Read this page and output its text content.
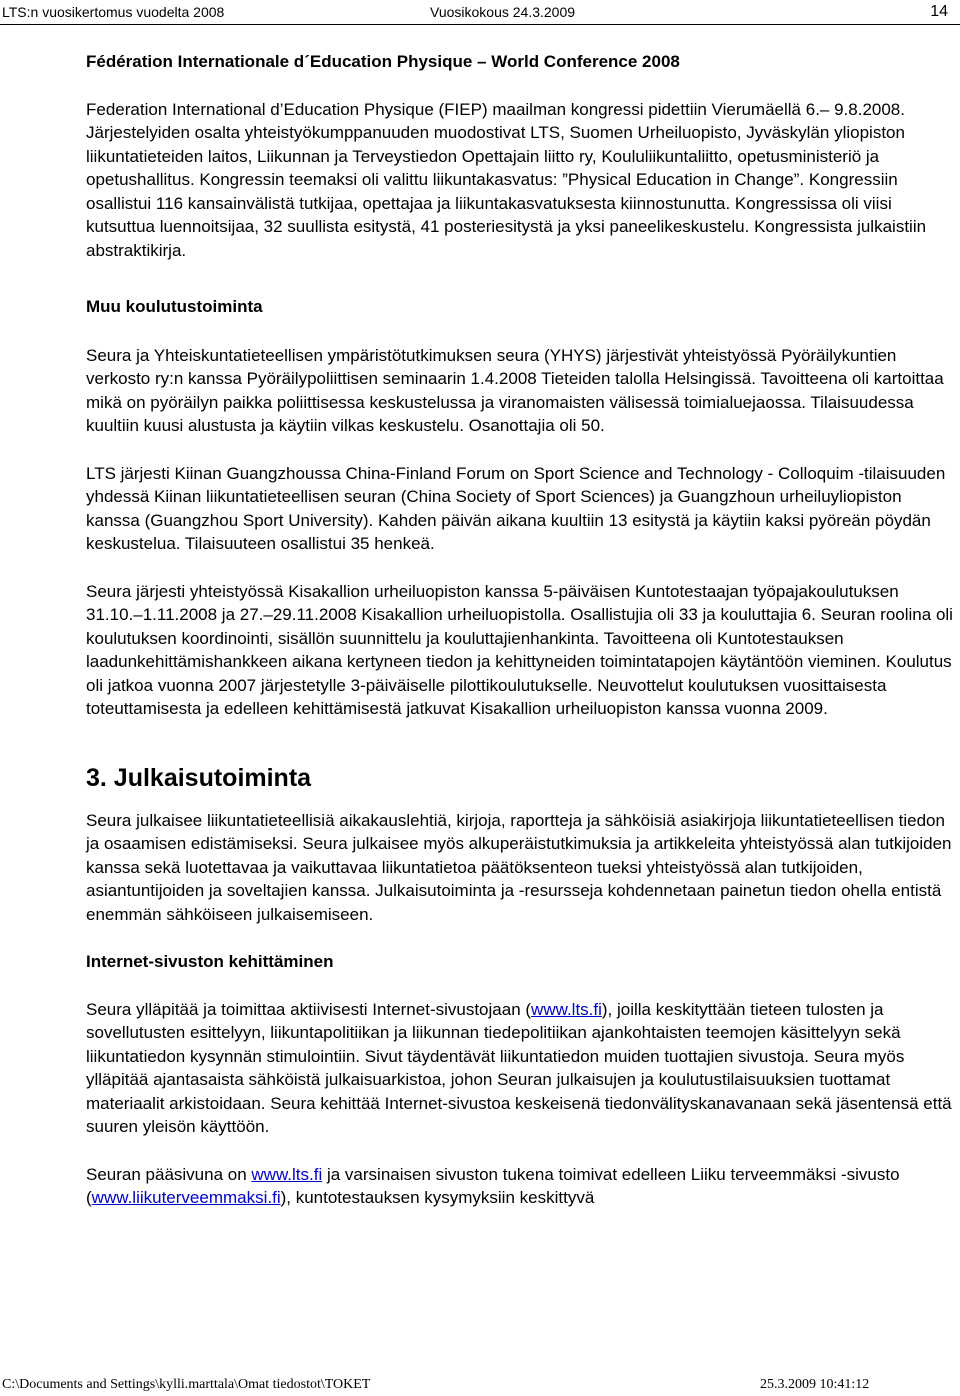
LTS:n vuosikertomus vuodelta 2008	Vuosikokous 24.3.2009	14

Fédération Internationale d´Education Physique – World Conference 2008

Federation International d’Education Physique (FIEP) maailman kongressi pidettiin Vierumäellä 6.– 9.8.2008. Järjestelyiden osalta yhteistyökumppanuuden muodostivat LTS, Suomen Urheiluopisto, Jyväskylän yliopiston liikuntatieteiden laitos, Liikunnan ja Terveystiedon Opettajain liitto ry, Koululiikuntaliitto, opetusministeriö ja opetushallitus. Kongressin teemaksi oli valittu liikuntakasvatus: ”Physical Education in Change”. Kongressiin osallistui 116 kansainvälistä tutkijaa, opettajaa ja liikuntakasvatuksesta kiinnostunutta. Kongressissa oli viisi kutsuttua luennoitsijaa, 32 suullista esitystä, 41 posteriesitystä ja yksi paneelikeskustelu. Kongressista julkaistiin abstraktikirja.

Muu koulutustoiminta

Seura ja Yhteiskuntatieteellisen ympäristötutkimuksen seura (YHYS) järjestivät yhteistyössä Pyöräilykuntien verkosto ry:n kanssa Pyöräilypoliittisen seminaarin 1.4.2008 Tieteiden talolla Helsingissä. Tavoitteena oli kartoittaa mikä on pyöräilyn paikka poliittisessa keskustelussa ja viranomaisten välisessä toimialuejaossa. Tilaisuudessa kuultiin kuusi alustusta ja käytiin vilkas keskustelu. Osanottajia oli 50.

LTS järjesti Kiinan Guangzhoussa China-Finland Forum on Sport Science and Technology - Colloquim -tilaisuuden yhdessä Kiinan liikuntatieteellisen seuran (China Society of Sport Sciences) ja Guangzhoun urheiluyliopiston kanssa (Guangzhou Sport University). Kahden päivän aikana kuultiin 13 esitystä ja käytiin kaksi pyöreän pöydän keskustelua. Tilaisuuteen osallistui 35 henkeä.

Seura järjesti yhteistyössä Kisakallion urheiluopiston kanssa 5-päiväisen Kuntotestaajan työpajakoulutuksen 31.10.–1.11.2008 ja 27.–29.11.2008 Kisakallion urheiluopistolla. Osallistujia oli 33 ja kouluttajia 6. Seuran roolina oli koulutuksen koordinointi, sisällön suunnittelu ja kouluttajienhankinta. Tavoitteena oli Kuntotestauksen laadunkehittämishankkeen aikana kertyneen tiedon ja kehittyneiden toimintatapojen käytäntöön vieminen. Koulutus oli jatkoa vuonna 2007 järjestetylle 3-päiväiselle pilottikoulutukselle. Neuvottelut koulutuksen vuosittaisesta toteuttamisesta ja edelleen kehittämisestä jatkuvat Kisakallion urheiluopiston kanssa vuonna 2009.

3. Julkaisutoiminta

Seura julkaisee liikuntatieteellisiä aikakauslehtiä, kirjoja, raportteja ja sähköisiä asiakirjoja liikuntatieteellisen tiedon ja osaamisen edistämiseksi. Seura julkaisee myös alkuperäistutkimuksia ja artikkeleita yhteistyössä alan tutkijoiden kanssa sekä luotettavaa ja vaikuttavaa liikuntatietoa päätöksenteon tueksi yhteistyössä alan tutkijoiden, asiantuntijoiden ja soveltajien kanssa. Julkaisutoiminta ja -resursseja kohdennetaan painetun tiedon ohella entistä enemmän sähköiseen julkaisemiseen.

Internet-sivuston kehittäminen

Seura ylläpitää ja toimittaa aktiivisesti Internet-sivustojaan (www.lts.fi), joilla keskityttään tieteen tulosten ja sovellutusten esittelyyn, liikuntapolitiikan ja liikunnan tiedepolitiikan ajankohtaisten teemojen käsittelyyn sekä liikuntatiedon kysynnän stimulointiin. Sivut täydentävät liikuntatiedon muiden tuottajien sivustoja. Seura myös ylläpitää ajantasaista sähköistä julkaisuarkistoa, johon Seuran julkaisujen ja koulutustilaisuuksien tuottamat materiaalit arkistoidaan. Seura kehittää Internet-sivustoa keskeisenä tiedonvälityskanavanaan sekä jäsentensä että suuren yleisön käyttöön.

Seuran pääsivuna on www.lts.fi ja varsinaisen sivuston tukena toimivat edelleen Liiku terveemmäksi -sivusto (www.liikuterveemmaksi.fi), kuntotestauksen kysymyksiin keskittyvä

C:\Documents and Settings\kylli.marttala\Omat tiedostot\TOKET	25.3.2009 10:41:12
